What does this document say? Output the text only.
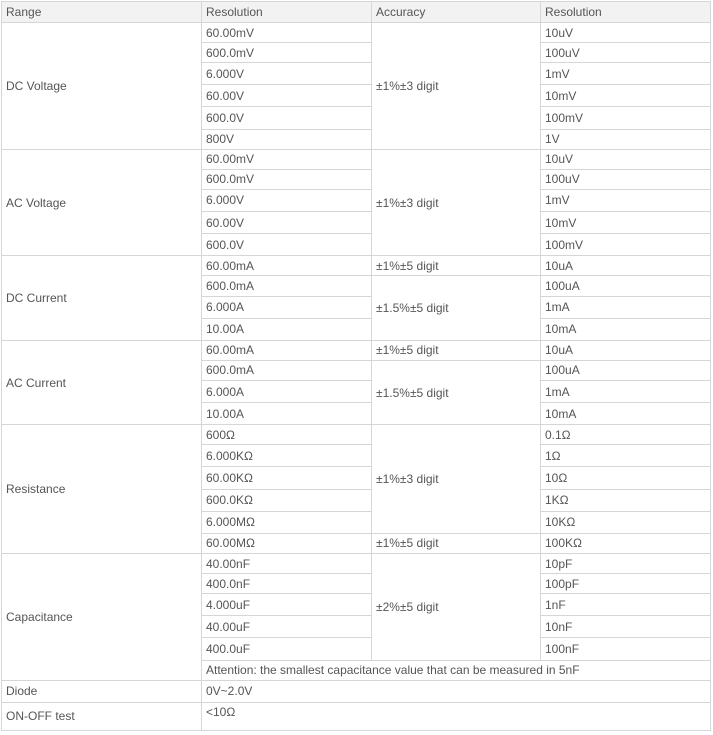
Range	Resolution	Accuracy	Resolution
DC Voltage	60.00mV	±1%±3 digit	10uV
	600.0mV		100uV
	6.000V		1mV
	60.00V		10mV
	600.0V		100mV
	800V		1V
AC Voltage	60.00mV	±1%±3 digit	10uV
	600.0mV		100uV
	6.000V		1mV
	60.00V		10mV
	600.0V		100mV
DC Current	60.00mA	±1%±5 digit	10uA
	600.0mA	±1.5%±5 digit	100uA
	6.000A		1mA
	10.00A		10mA
AC Current	60.00mA	±1%±5 digit	10uA
	600.0mA	±1.5%±5 digit	100uA
	6.000A		1mA
	10.00A		10mA
Resistance	600Ω	±1%±3 digit	0.1Ω
	6.000KΩ		1Ω
	60.00KΩ		10Ω
	600.0KΩ		1KΩ
	6.000MΩ		10KΩ
	60.00MΩ	±1%±5 digit	100KΩ
Capacitance	40.00nF	±2%±5 digit	10pF
	400.0nF		100pF
	4.000uF		1nF
	40.00uF		10nF
	400.0uF		100nF
	Attention: the smallest capacitance value that can be measured in 5nF		
Diode	0V~2.0V		
ON-OFF test	<10Ω		
